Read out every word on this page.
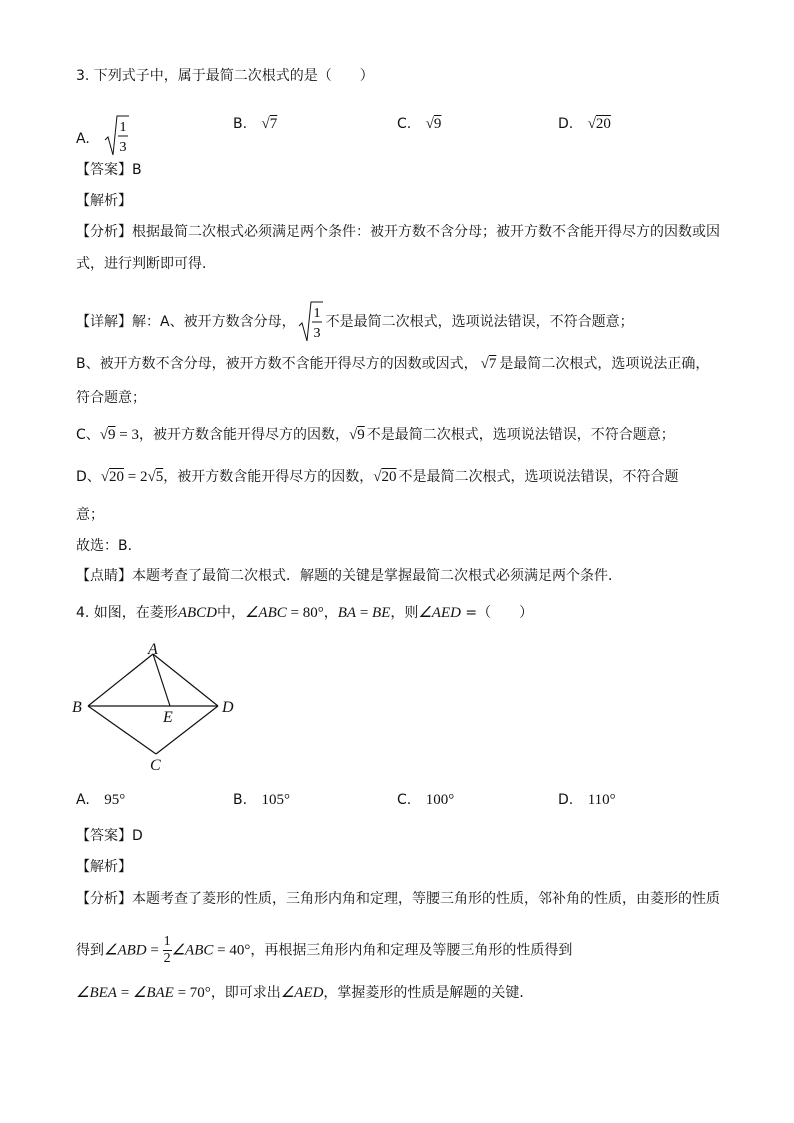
3. 下列式子中，属于最简二次根式的是（　　）
A.
1
3
B. √7	C. √9	D. √20
【答案】B
【解析】
【分析】根据最简二次根式必须满足两个条件：被开方数不含分母；被开方数不含能开得尽方的因数或因
式，进行判断即可得．
【详解】解：A、被开方数含分母，
1
3
不是最简二次根式，选项说法错误，不符合题意；
B、被开方数不含分母，被开方数不含能开得尽方的因数或因式， √7 是最简二次根式，选项说法正确，
符合题意；
C、√9 = 3，被开方数含能开得尽方的因数，√9 不是最简二次根式，选项说法错误，不符合题意；
D、√20 = 2√5，被开方数含能开得尽方的因数，√20 不是最简二次根式，选项说法错误，不符合题
意；
故选：B．
【点睛】本题考查了最简二次根式．解题的关键是掌握最简二次根式必须满足两个条件．
4. 如图，在菱形ABCD中，∠ABC = 80°，BA = BE，则∠AED =（　　）
A
B	D
E
C
A. 95°	B. 105°	C. 100°	D. 110°
【答案】D
【解析】
【分析】本题考查了菱形的性质，三角形内角和定理，等腰三角形的性质，邻补角的性质，由菱形的性质
得到∠ABD = $\frac{1}{2}$ ∠ABC = 40°，再根据三角形内角和定理及等腰三角形的性质得到
∠BEA = ∠BAE = 70°，即可求出∠AED，掌握菱形的性质是解题的关键．
